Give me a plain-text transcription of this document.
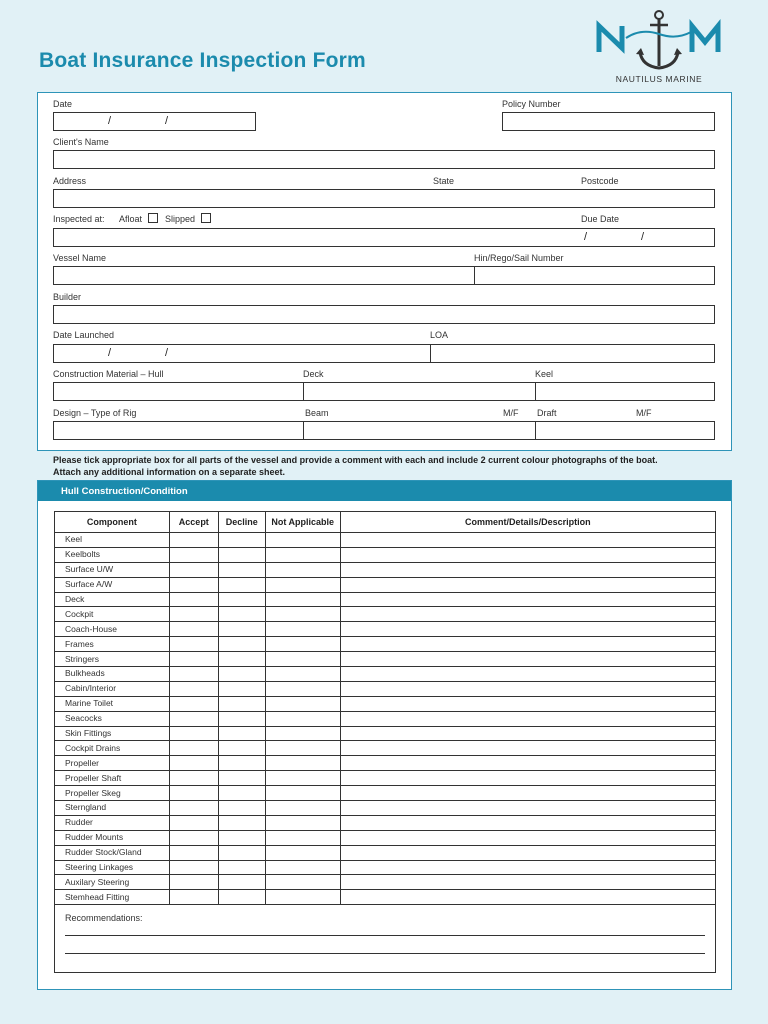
Boat Insurance Inspection Form
NAUTILUS MARINE
Date	Policy Number
/	/
Client's Name
Address	State	Postcode
Inspected at: Afloat	Slipped	Due Date
/	/
Vessel Name	Hin/Rego/Sail Number
Builder
Date Launched	LOA
/	/
Construction Material – Hull	Deck	Keel
Design – Type of Rig	Beam	M/F Draft	M/F
Please tick appropriate box for all parts of the vessel and provide a comment with each and include 2 current colour photographs of the boat.
Attach any additional information on a separate sheet.
Hull Construction/Condition
Component	Accept	Decline	Not Applicable	Comment/Details/Description
Keel				
Keelbolts				
Surface U/W				
Surface A/W				
Deck				
Cockpit				
Coach-House				
Frames				
Stringers				
Bulkheads				
Cabin/Interior				
Marine Toilet				
Seacocks				
Skin Fittings				
Cockpit Drains				
Propeller				
Propeller Shaft				
Propeller Skeg				
Sterngland				
Rudder				
Rudder Mounts				
Rudder Stock/Gland				
Steering Linkages				
Auxilary Steering				
Stemhead Fitting				
Recommendations:
